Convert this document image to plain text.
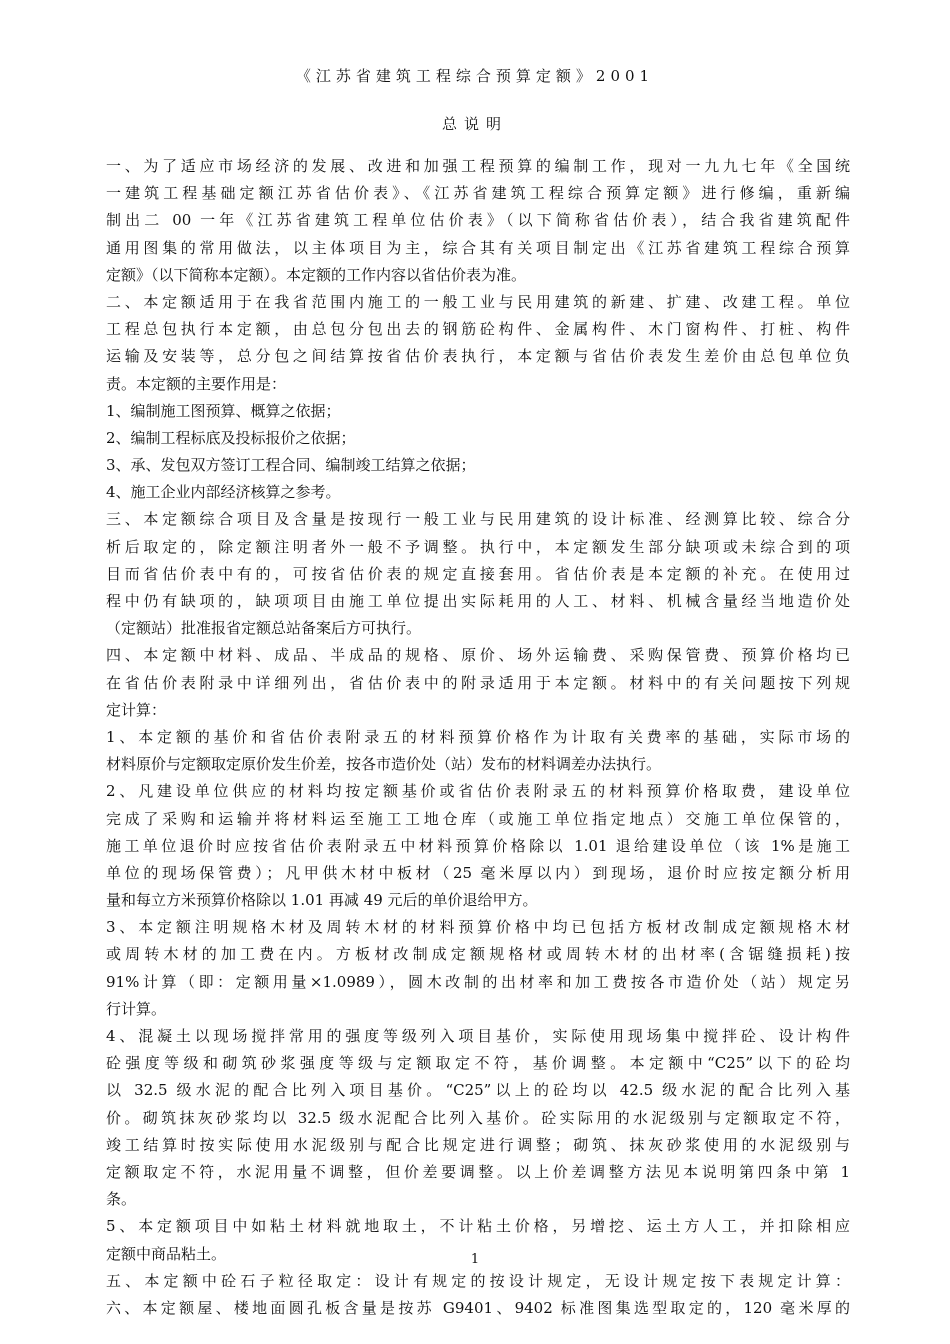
《江苏省建筑工程综合预算定额》2001
总说明
一、为了适应市场经济的发展、改进和加强工程预算的编制工作，现对一九九七年《全国统
一建筑工程基础定额江苏省估价表》、《江苏省建筑工程综合预算定额》进行修编，重新编
制出二 00 一年《江苏省建筑工程单位估价表》（以下简称省估价表），结合我省建筑配件
通用图集的常用做法，以主体项目为主，综合其有关项目制定出《江苏省建筑工程综合预算
定额》（以下简称本定额）。本定额的工作内容以省估价表为准。
二、本定额适用于在我省范围内施工的一般工业与民用建筑的新建、扩建、改建工程。单位
工程总包执行本定额，由总包分包出去的钢筋砼构件、金属构件、木门窗构件、打桩、构件
运输及安装等，总分包之间结算按省估价表执行，本定额与省估价表发生差价由总包单位负
责。本定额的主要作用是：
1、编制施工图预算、概算之依据；
2、编制工程标底及投标报价之依据；
3、承、发包双方签订工程合同、编制竣工结算之依据；
4、施工企业内部经济核算之参考。
三、本定额综合项目及含量是按现行一般工业与民用建筑的设计标准、经测算比较、综合分
析后取定的，除定额注明者外一般不予调整。执行中，本定额发生部分缺项或未综合到的项
目而省估价表中有的，可按省估价表的规定直接套用。省估价表是本定额的补充。在使用过
程中仍有缺项的，缺项项目由施工单位提出实际耗用的人工、材料、机械含量经当地造价处
（定额站）批准报省定额总站备案后方可执行。
四、本定额中材料、成品、半成品的规格、原价、场外运输费、采购保管费、预算价格均已
在省估价表附录中详细列出，省估价表中的附录适用于本定额。材料中的有关问题按下列规
定计算：
1、本定额的基价和省估价表附录五的材料预算价格作为计取有关费率的基础，实际市场的
材料原价与定额取定原价发生价差，按各市造价处（站）发布的材料调差办法执行。
2、凡建设单位供应的材料均按定额基价或省估价表附录五的材料预算价格取费，建设单位
完成了采购和运输并将材料运至施工工地仓库（或施工单位指定地点）交施工单位保管的，
施工单位退价时应按省估价表附录五中材料预算价格除以 1.01 退给建设单位（该 1%是施工
单位的现场保管费）；凡甲供木材中板材（25 毫米厚以内）到现场，退价时应按定额分析用
量和每立方米预算价格除以 1.01 再减 49 元后的单价退给甲方。
3、本定额注明规格木材及周转木材的材料预算价格中均已包括方板材改制成定额规格木材
或周转木材的加工费在内。方板材改制成定额规格材或周转木材的出材率(含锯缝损耗)按
91%计算（即：定额用量×1.0989），圆木改制的出材率和加工费按各市造价处（站）规定另
行计算。
4、混凝土以现场搅拌常用的强度等级列入项目基价，实际使用现场集中搅拌砼、设计构件
砼强度等级和砌筑砂浆强度等级与定额取定不符，基价调整。本定额中“C25”以下的砼均
以 32.5 级水泥的配合比列入项目基价。“C25”以上的砼均以 42.5 级水泥的配合比列入基
价。砌筑抹灰砂浆均以 32.5 级水泥配合比列入基价。砼实际用的水泥级别与定额取定不符，
竣工结算时按实际使用水泥级别与配合比规定进行调整；砌筑、抹灰砂浆使用的水泥级别与
定额取定不符，水泥用量不调整，但价差要调整。以上价差调整方法见本说明第四条中第 1
条。
5、本定额项目中如粘土材料就地取土，不计粘土价格，另增挖、运土方人工，并扣除相应
定额中商品粘土。
五、本定额中砼石子粒径取定：设计有规定的按设计规定，无设计规定按下表规定计算：
六、本定额屋、楼地面圆孔板含量是按苏 G9401、9402 标准图集选型取定的，120 毫米厚的
1
